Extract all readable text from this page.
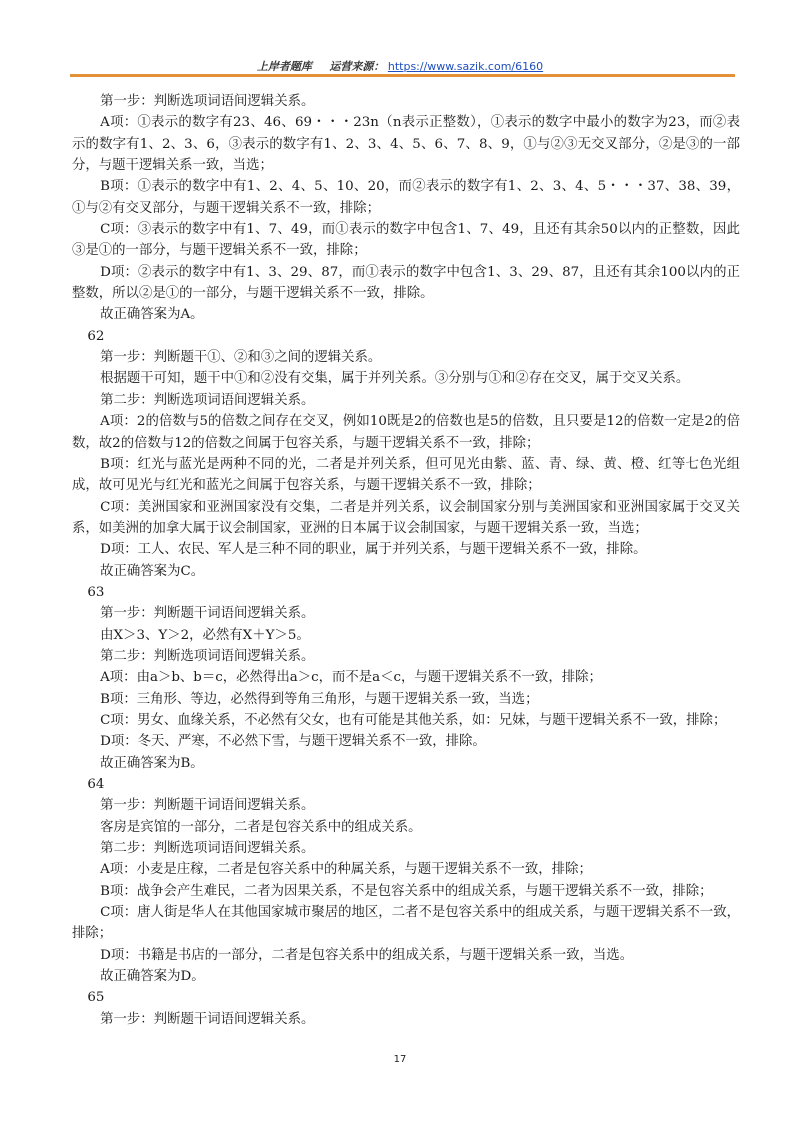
上岸者题库 运营来源： https://www.sazik.com/6160

第一步：判断选项词语间逻辑关系。

A项：①表示的数字有23、46、69・・・23n（n表示正整数），①表示的数字中最小的数字为23，而②表示的数字有1、2、3、6，③表示的数字有1、2、3、4、5、6、7、8、9，①与②③无交叉部分，②是③的一部分，与题干逻辑关系一致，当选；

B项：①表示的数字中有1、2、4、5、10、20，而②表示的数字有1、2、3、4、5・・・37、38、39，①与②有交叉部分，与题干逻辑关系不一致，排除；

C项：③表示的数字中有1、7、49，而①表示的数字中包含1、7、49，且还有其余50以内的正整数，因此③是①的一部分，与题干逻辑关系不一致，排除；

D项：②表示的数字中有1、3、29、87，而①表示的数字中包含1、3、29、87，且还有其余100以内的正整数，所以②是①的一部分，与题干逻辑关系不一致，排除。

故正确答案为A。

62

第一步：判断题干①、②和③之间的逻辑关系。

根据题干可知，题干中①和②没有交集，属于并列关系。③分别与①和②存在交叉，属于交叉关系。

第二步：判断选项词语间逻辑关系。

A项：2的倍数与5的倍数之间存在交叉，例如10既是2的倍数也是5的倍数，且只要是12的倍数一定是2的倍数，故2的倍数与12的倍数之间属于包容关系，与题干逻辑关系不一致，排除；

B项：红光与蓝光是两种不同的光，二者是并列关系，但可见光由紫、蓝、青、绿、黄、橙、红等七色光组成，故可见光与红光和蓝光之间属于包容关系，与题干逻辑关系不一致，排除；

C项：美洲国家和亚洲国家没有交集，二者是并列关系，议会制国家分别与美洲国家和亚洲国家属于交叉关系，如美洲的加拿大属于议会制国家，亚洲的日本属于议会制国家，与题干逻辑关系一致，当选；

D项：工人、农民、军人是三种不同的职业，属于并列关系，与题干逻辑关系不一致，排除。

故正确答案为C。

63

第一步：判断题干词语间逻辑关系。

由X＞3、Y＞2，必然有X＋Y＞5。

第二步：判断选项词语间逻辑关系。

A项：由a＞b、b＝c，必然得出a＞c，而不是a＜c，与题干逻辑关系不一致，排除；

B项：三角形、等边，必然得到等角三角形，与题干逻辑关系一致，当选；

C项：男女、血缘关系，不必然有父女，也有可能是其他关系，如：兄妹，与题干逻辑关系不一致，排除；

D项：冬天、严寒，不必然下雪，与题干逻辑关系不一致，排除。

故正确答案为B。

64

第一步：判断题干词语间逻辑关系。

客房是宾馆的一部分，二者是包容关系中的组成关系。

第二步：判断选项词语间逻辑关系。

A项：小麦是庄稼，二者是包容关系中的种属关系，与题干逻辑关系不一致，排除；

B项：战争会产生难民，二者为因果关系，不是包容关系中的组成关系，与题干逻辑关系不一致，排除；

C项：唐人街是华人在其他国家城市聚居的地区，二者不是包容关系中的组成关系，与题干逻辑关系不一致，排除；

D项：书籍是书店的一部分，二者是包容关系中的组成关系，与题干逻辑关系一致，当选。

故正确答案为D。

65

第一步：判断题干词语间逻辑关系。

17
